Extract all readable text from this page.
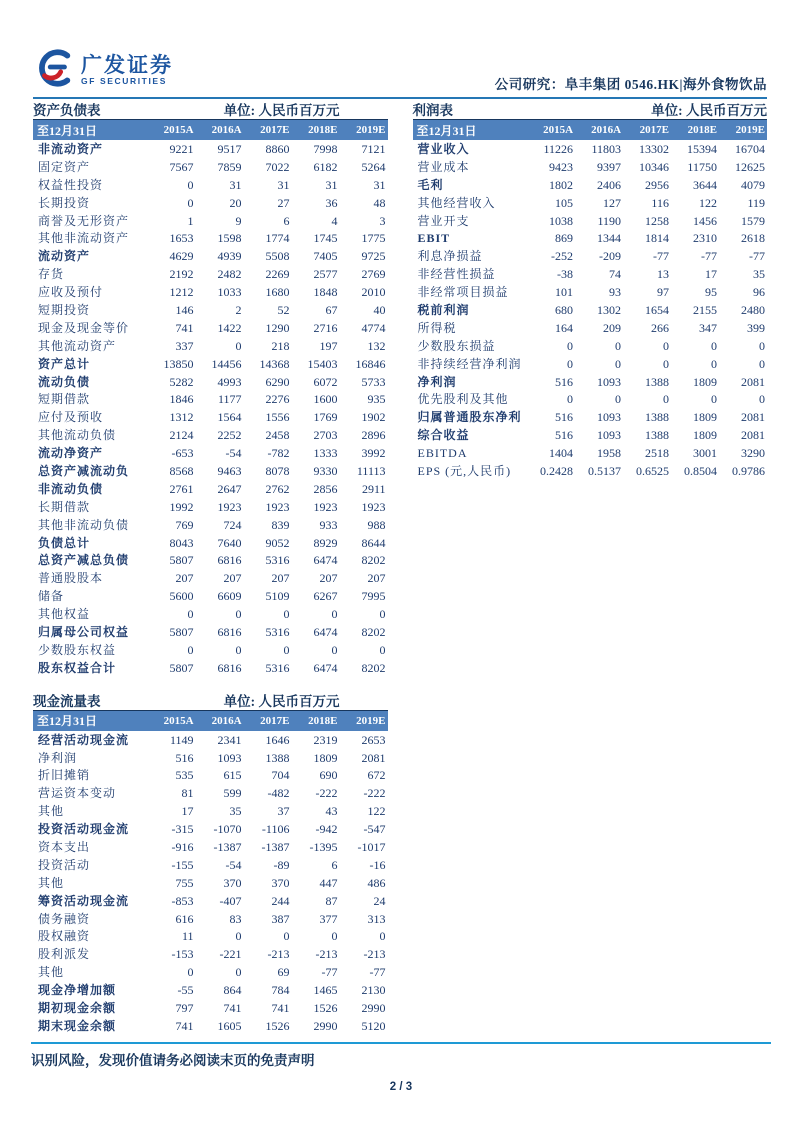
广发证券
GF SECURITIES	公司研究：阜丰集团 0546.HK|海外食物饮品
资产负债表	单位: 人民币百万元
至12月31日	2015A	2016A	2017E	2018E	2019E
非流动资产	9221	9517	8860	7998	7121
固定资产	7567	7859	7022	6182	5264
权益性投资	0	31	31	31	31
长期投资	0	20	27	36	48
商誉及无形资产	1	9	6	4	3
其他非流动资产	1653	1598	1774	1745	1775
流动资产	4629	4939	5508	7405	9725
存货	2192	2482	2269	2577	2769
应收及预付	1212	1033	1680	1848	2010
短期投资	146	2	52	67	40
现金及现金等价	741	1422	1290	2716	4774
其他流动资产	337	0	218	197	132
资产总计	13850	14456	14368	15403	16846
流动负债	5282	4993	6290	6072	5733
短期借款	1846	1177	2276	1600	935
应付及预收	1312	1564	1556	1769	1902
其他流动负债	2124	2252	2458	2703	2896
流动净资产	-653	-54	-782	1333	3992
总资产减流动负	8568	9463	8078	9330	11113
非流动负债	2761	2647	2762	2856	2911
长期借款	1992	1923	1923	1923	1923
其他非流动负债	769	724	839	933	988
负债总计	8043	7640	9052	8929	8644
总资产减总负债	5807	6816	5316	6474	8202
普通股股本	207	207	207	207	207
储备	5600	6609	5109	6267	7995
其他权益	0	0	0	0	0
归属母公司权益	5807	6816	5316	6474	8202
少数股东权益	0	0	0	0	0
股东权益合计	5807	6816	5316	6474	8202
现金流量表	单位: 人民币百万元
至12月31日	2015A	2016A	2017E	2018E	2019E
经营活动现金流	1149	2341	1646	2319	2653
净利润	516	1093	1388	1809	2081
折旧摊销	535	615	704	690	672
营运资本变动	81	599	-482	-222	-222
其他	17	35	37	43	122
投资活动现金流	-315	-1070	-1106	-942	-547
资本支出	-916	-1387	-1387	-1395	-1017
投资活动	-155	-54	-89	6	-16
其他	755	370	370	447	486
筹资活动现金流	-853	-407	244	87	24
债务融资	616	83	387	377	313
股权融资	11	0	0	0	0
股利派发	-153	-221	-213	-213	-213
其他	0	0	69	-77	-77
现金净增加额	-55	864	784	1465	2130
期初现金余额	797	741	741	1526	2990
期末现金余额	741	1605	1526	2990	5120
利润表	单位: 人民币百万元
至12月31日	2015A	2016A	2017E	2018E	2019E
营业收入	11226	11803	13302	15394	16704
营业成本	9423	9397	10346	11750	12625
毛利	1802	2406	2956	3644	4079
其他经营收入	105	127	116	122	119
营业开支	1038	1190	1258	1456	1579
EBIT	869	1344	1814	2310	2618
利息净损益	-252	-209	-77	-77	-77
非经营性损益	-38	74	13	17	35
非经常项目损益	101	93	97	95	96
税前利润	680	1302	1654	2155	2480
所得税	164	209	266	347	399
少数股东损益	0	0	0	0	0
非持续经营净利润	0	0	0	0	0
净利润	516	1093	1388	1809	2081
优先股利及其他	0	0	0	0	0
归属普通股东净利	516	1093	1388	1809	2081
综合收益	516	1093	1388	1809	2081
EBITDA	1404	1958	2518	3001	3290
EPS (元,人民币)	0.2428	0.5137	0.6525	0.8504	0.9786
识别风险，发现价值请务必阅读末页的免责声明
2 / 3
